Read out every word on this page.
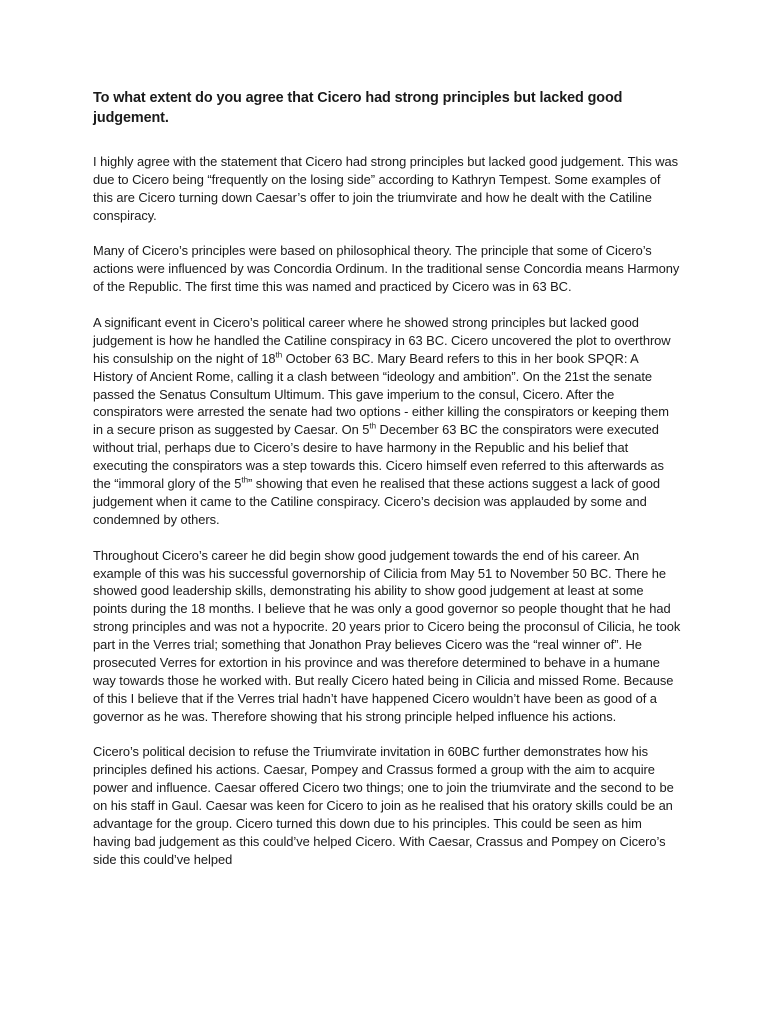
To what extent do you agree that Cicero had strong principles but lacked good judgement.

I highly agree with the statement that Cicero had strong principles but lacked good judgement. This was due to Cicero being “frequently on the losing side” according to Kathryn Tempest. Some examples of this are Cicero turning down Caesar’s offer to join the triumvirate and how he dealt with the Catiline conspiracy.

Many of Cicero’s principles were based on philosophical theory. The principle that some of Cicero’s actions were influenced by was Concordia Ordinum. In the traditional sense Concordia means Harmony of the Republic. The first time this was named and practiced by Cicero was in 63 BC.

A significant event in Cicero’s political career where he showed strong principles but lacked good judgement is how he handled the Catiline conspiracy in 63 BC. Cicero uncovered the plot to overthrow his consulship on the night of 18th October 63 BC. Mary Beard refers to this in her book SPQR: A History of Ancient Rome, calling it a clash between “ideology and ambition”. On the 21st the senate passed the Senatus Consultum Ultimum. This gave imperium to the consul, Cicero. After the conspirators were arrested the senate had two options - either killing the conspirators or keeping them in a secure prison as suggested by Caesar. On 5th December 63 BC the conspirators were executed without trial, perhaps due to Cicero’s desire to have harmony in the Republic and his belief that executing the conspirators was a step towards this. Cicero himself even referred to this afterwards as the “immoral glory of the 5th” showing that even he realised that these actions suggest a lack of good judgement when it came to the Catiline conspiracy. Cicero’s decision was applauded by some and condemned by others.

Throughout Cicero’s career he did begin show good judgement towards the end of his career. An example of this was his successful governorship of Cilicia from May 51 to November 50 BC. There he showed good leadership skills, demonstrating his ability to show good judgement at least at some points during the 18 months. I believe that he was only a good governor so people thought that he had strong principles and was not a hypocrite. 20 years prior to Cicero being the proconsul of Cilicia, he took part in the Verres trial; something that Jonathon Pray believes Cicero was the “real winner of”. He prosecuted Verres for extortion in his province and was therefore determined to behave in a humane way towards those he worked with. But really Cicero hated being in Cilicia and missed Rome. Because of this I believe that if the Verres trial hadn’t have happened Cicero wouldn’t have been as good of a governor as he was. Therefore showing that his strong principle helped influence his actions.

Cicero’s political decision to refuse the Triumvirate invitation in 60BC further demonstrates how his principles defined his actions. Caesar, Pompey and Crassus formed a group with the aim to acquire power and influence. Caesar offered Cicero two things; one to join the triumvirate and the second to be on his staff in Gaul. Caesar was keen for Cicero to join as he realised that his oratory skills could be an advantage for the group. Cicero turned this down due to his principles. This could be seen as him having bad judgement as this could’ve helped Cicero. With Caesar, Crassus and Pompey on Cicero’s side this could’ve helped
